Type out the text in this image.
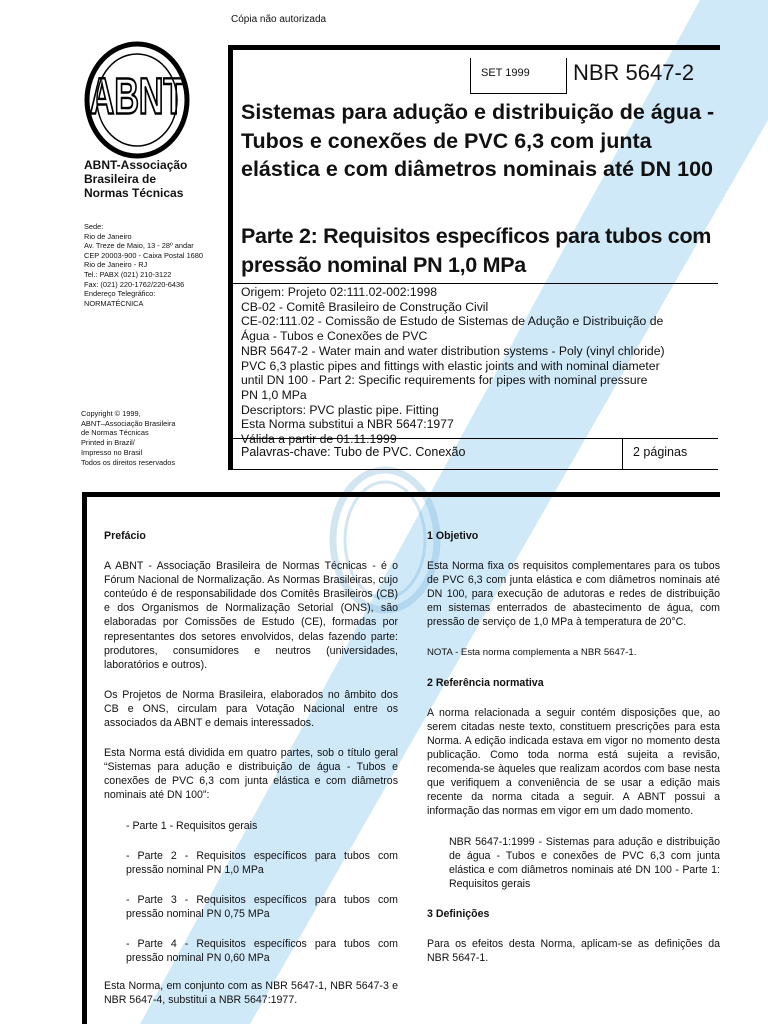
Cópia não autorizada
ABNT
ABNT-Associação
Brasileira de
Normas Técnicas
Sede:
Rio de Janeiro
Av. Treze de Maio, 13 - 28º andar
CEP 20003-900 - Caixa Postal 1680
Rio de Janeiro - RJ
Tel.: PABX (021) 210-3122
Fax: (021) 220-1762/220-6436
Endereço Telegráfico:
NORMATÉCNICA
Copyright © 1999,
ABNT–Associação Brasileira
de Normas Técnicas
Printed in Brazil/
Impresso no Brasil
Todos os direitos reservados
SET 1999 NBR 5647-2
Sistemas para adução e distribuição de água - Tubos e conexões de PVC 6,3 com junta elástica e com diâmetros nominais até DN 100
Parte 2: Requisitos específicos para tubos com pressão nominal PN 1,0 MPa
Origem: Projeto 02:111.02-002:1998
CB-02 - Comitê Brasileiro de Construção Civil
CE-02:111.02 - Comissão de Estudo de Sistemas de Adução e Distribuição de
Água - Tubos e Conexões de PVC
NBR 5647-2 - Water main and water distribution systems - Poly (vinyl chloride)
PVC 6,3 plastic pipes and fittings with elastic joints and with nominal diameter
until DN 100 - Part 2: Specific requirements for pipes with nominal pressure
PN 1,0 MPa
Descriptors: PVC plastic pipe. Fitting
Esta Norma substitui a NBR 5647:1977
Válida a partir de 01.11.1999
Palavras-chave: Tubo de PVC. Conexão	2 páginas

Prefácio

A ABNT - Associação Brasileira de Normas Técnicas - é o Fórum Nacional de Normalização. As Normas Brasileiras, cujo conteúdo é de responsabilidade dos Comitês Brasileiros (CB) e dos Organismos de Normalização Setorial (ONS), são elaboradas por Comissões de Estudo (CE), formadas por representantes dos setores envolvidos, delas fazendo parte: produtores, consumidores e neutros (universidades, laboratórios e outros).

Os Projetos de Norma Brasileira, elaborados no âmbito dos CB e ONS, circulam para Votação Nacional entre os associados da ABNT e demais interessados.

Esta Norma está dividida em quatro partes, sob o título geral “Sistemas para adução e distribuição de água - Tubos e conexões de PVC 6,3 com junta elástica e com diâmetros nominais até DN 100”:

- Parte 1 - Requisitos gerais

- Parte 2 - Requisitos específicos para tubos com pressão nominal PN 1,0 MPa

- Parte 3 - Requisitos específicos para tubos com pressão nominal PN 0,75 MPa

- Parte 4 - Requisitos específicos para tubos com pressão nominal PN 0,60 MPa

Esta Norma, em conjunto com as NBR 5647-1, NBR 5647-3 e NBR 5647-4, substitui a NBR 5647:1977.

1 Objetivo

Esta Norma fixa os requisitos complementares para os tubos de PVC 6,3 com junta elástica e com diâmetros nominais até DN 100, para execução de adutoras e redes de distribuição em sistemas enterrados de abastecimento de água, com pressão de serviço de 1,0 MPa à temperatura de 20°C.

NOTA - Esta norma complementa a NBR 5647-1.

2 Referência normativa

A norma relacionada a seguir contém disposições que, ao serem citadas neste texto, constituem prescrições para esta Norma. A edição indicada estava em vigor no momento desta publicação. Como toda norma está sujeita a revisão, recomenda-se àqueles que realizam acordos com base nesta que verifiquem a conveniência de se usar a edição mais recente da norma citada a seguir. A ABNT possui a informação das normas em vigor em um dado momento.

NBR 5647-1:1999 - Sistemas para adução e distribuição de água - Tubos e conexões de PVC 6,3 com junta elástica e com diâmetros nominais até DN 100 - Parte 1: Requisitos gerais

3 Definições

Para os efeitos desta Norma, aplicam-se as definições da NBR 5647-1.
